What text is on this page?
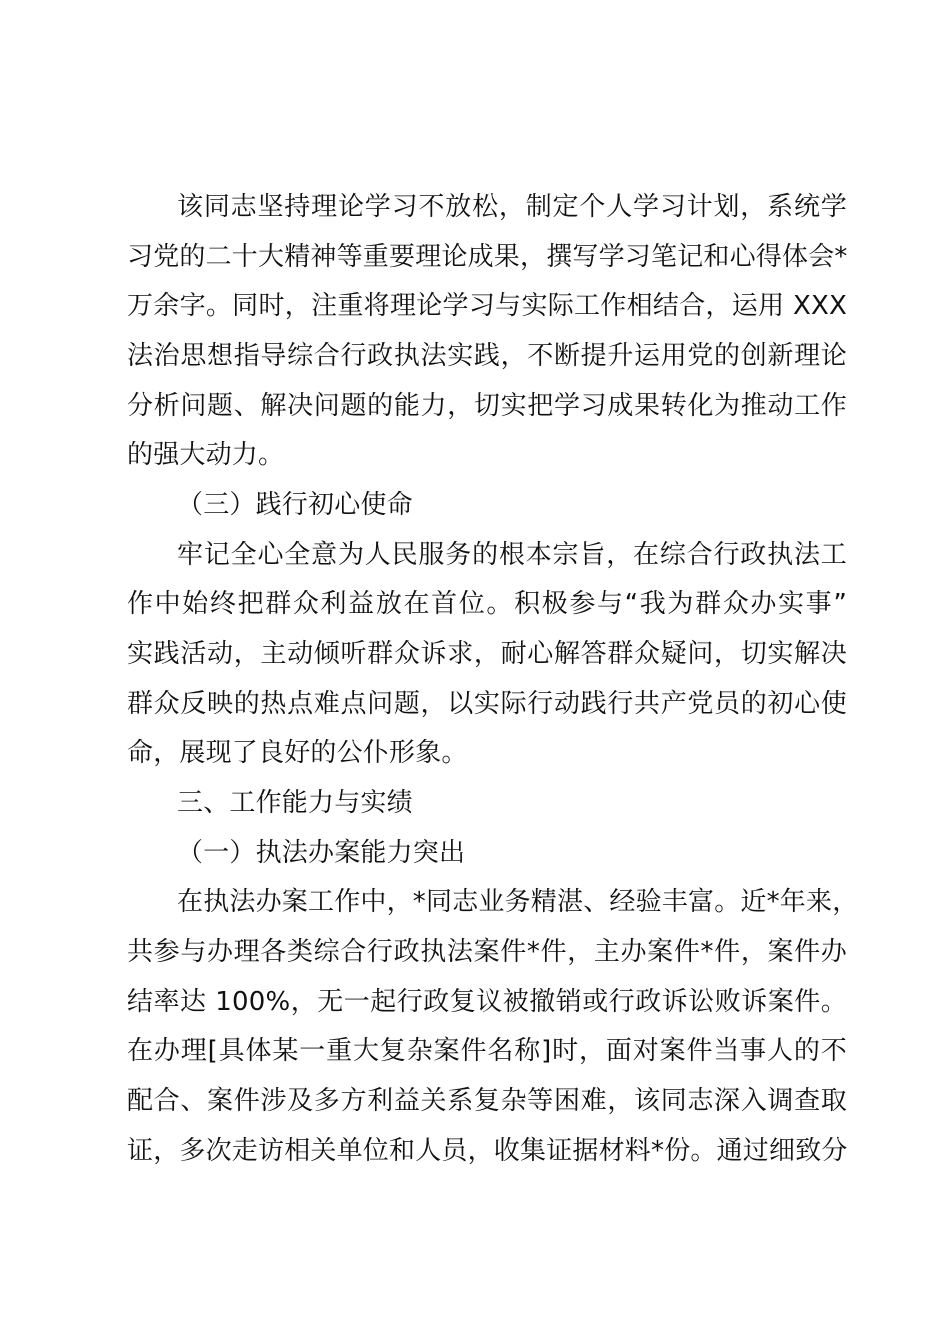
该同志坚持理论学习不放松，制定个人学习计划，系统学
习党的二十大精神等重要理论成果，撰写学习笔记和心得体会*
万余字。同时，注重将理论学习与实际工作相结合，运用 XXX
法治思想指导综合行政执法实践，不断提升运用党的创新理论
分析问题、解决问题的能力，切实把学习成果转化为推动工作
的强大动力。
（三）践行初心使命
牢记全心全意为人民服务的根本宗旨，在综合行政执法工
作中始终把群众利益放在首位。积极参与“我为群众办实事”
实践活动，主动倾听群众诉求，耐心解答群众疑问，切实解决
群众反映的热点难点问题，以实际行动践行共产党员的初心使
命，展现了良好的公仆形象。
三、工作能力与实绩
（一）执法办案能力突出
在执法办案工作中，*同志业务精湛、经验丰富。近*年来，
共参与办理各类综合行政执法案件*件，主办案件*件，案件办
结率达 100%，无一起行政复议被撤销或行政诉讼败诉案件。
在办理[具体某一重大复杂案件名称]时，面对案件当事人的不
配合、案件涉及多方利益关系复杂等困难，该同志深入调查取
证，多次走访相关单位和人员，收集证据材料*份。通过细致分
